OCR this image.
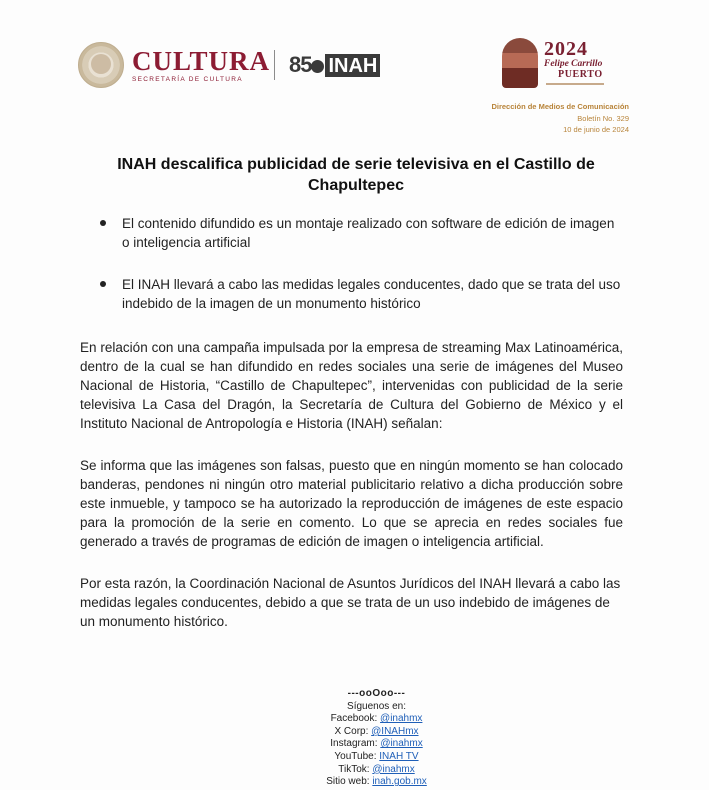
CULTURA
SECRETARÍA DE CULTURA
85 INAH
2024
Felipe Carrillo
PUERTO
Dirección de Medios de Comunicación
Boletín No. 329
10 de junio de 2024
INAH descalifica publicidad de serie televisiva en el Castillo de Chapultepec
El contenido difundido es un montaje realizado con software de edición de imagen o inteligencia artificial
El INAH llevará a cabo las medidas legales conducentes, dado que se trata del uso indebido de la imagen de un monumento histórico

En relación con una campaña impulsada por la empresa de streaming Max Latinoamérica, dentro de la cual se han difundido en redes sociales una serie de imágenes del Museo Nacional de Historia, “Castillo de Chapultepec”, intervenidas con publicidad de la serie televisiva La Casa del Dragón, la Secretaría de Cultura del Gobierno de México y el Instituto Nacional de Antropología e Historia (INAH) señalan:

Se informa que las imágenes son falsas, puesto que en ningún momento se han colocado banderas, pendones ni ningún otro material publicitario relativo a dicha producción sobre este inmueble, y tampoco se ha autorizado la reproducción de imágenes de este espacio para la promoción de la serie en comento. Lo que se aprecia en redes sociales fue generado a través de programas de edición de imagen o inteligencia artificial.

Por esta razón, la Coordinación Nacional de Asuntos Jurídicos del INAH llevará a cabo las medidas legales conducentes, debido a que se trata de un uso indebido de imágenes de un monumento histórico.

---ooOoo---
Síguenos en:
Facebook: @inahmx
X Corp: @INAHmx
Instagram: @inahmx
YouTube: INAH TV
TikTok: @inahmx
Sitio web: inah.gob.mx
